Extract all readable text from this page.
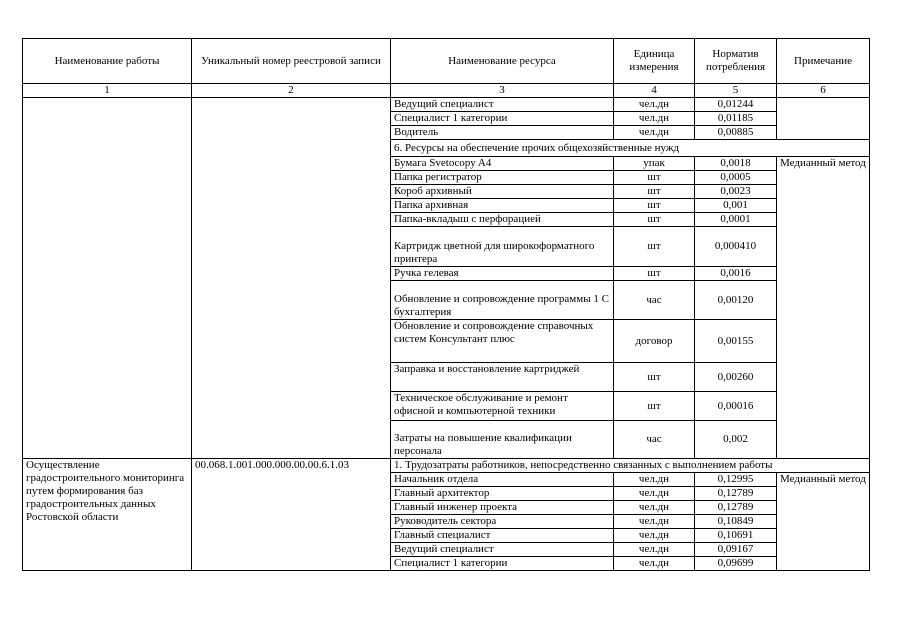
Наименование работы	Уникальный номер реестровой записи	Наименование ресурса	Единица измерения	Норматив потребления	Примечание
1	2	3	4	5	6
		Ведущий специалист	чел.дн	0,01244	
		Специалист 1 категории	чел.дн	0,01185	
		Водитель	чел.дн	0,00885	
		6. Ресурсы на обеспечение прочих общехозяйственные нужд			
		Бумага Svetocopy A4	упак	0,0018	Медианный метод
		Папка регистратор	шт	0,0005	
		Короб архивный	шт	0,0023	
		Папка архивная	шт	0,001	
		Папка-вкладыш с перфорацией	шт	0,0001	
		Картридж цветной для широкоформатного принтера	шт	0,000410	
		Ручка гелевая	шт	0,0016	
		Обновление и сопровождение программы 1 С бухгалтерия	час	0,00120	
		Обновление и сопровождение справочных систем Консультант плюс	договор	0,00155	
		Заправка и восстановление картриджей	шт	0,00260	
		Техническое обслуживание и ремонт офисной и компьютерной техники	шт	0,00016	
		Затраты на повышение квалификации персонала	час	0,002	
Осуществление градостроительного мониторинга путем формирования баз градостроительных данных Ростовской области	00.068.1.001.000.000.00.00.6.1.03	1. Трудозатраты работников, непосредственно связанных с выполнением работы			
		Начальник отдела	чел.дн	0,12995	Медианный метод
		Главный архитектор	чел.дн	0,12789	
		Главный инженер проекта	чел.дн	0,12789	
		Руководитель сектора	чел.дн	0,10849	
		Главный специалист	чел.дн	0,10691	
		Ведущий специалист	чел.дн	0,09167	
		Специалист 1 категории	чел.дн	0,09699	
